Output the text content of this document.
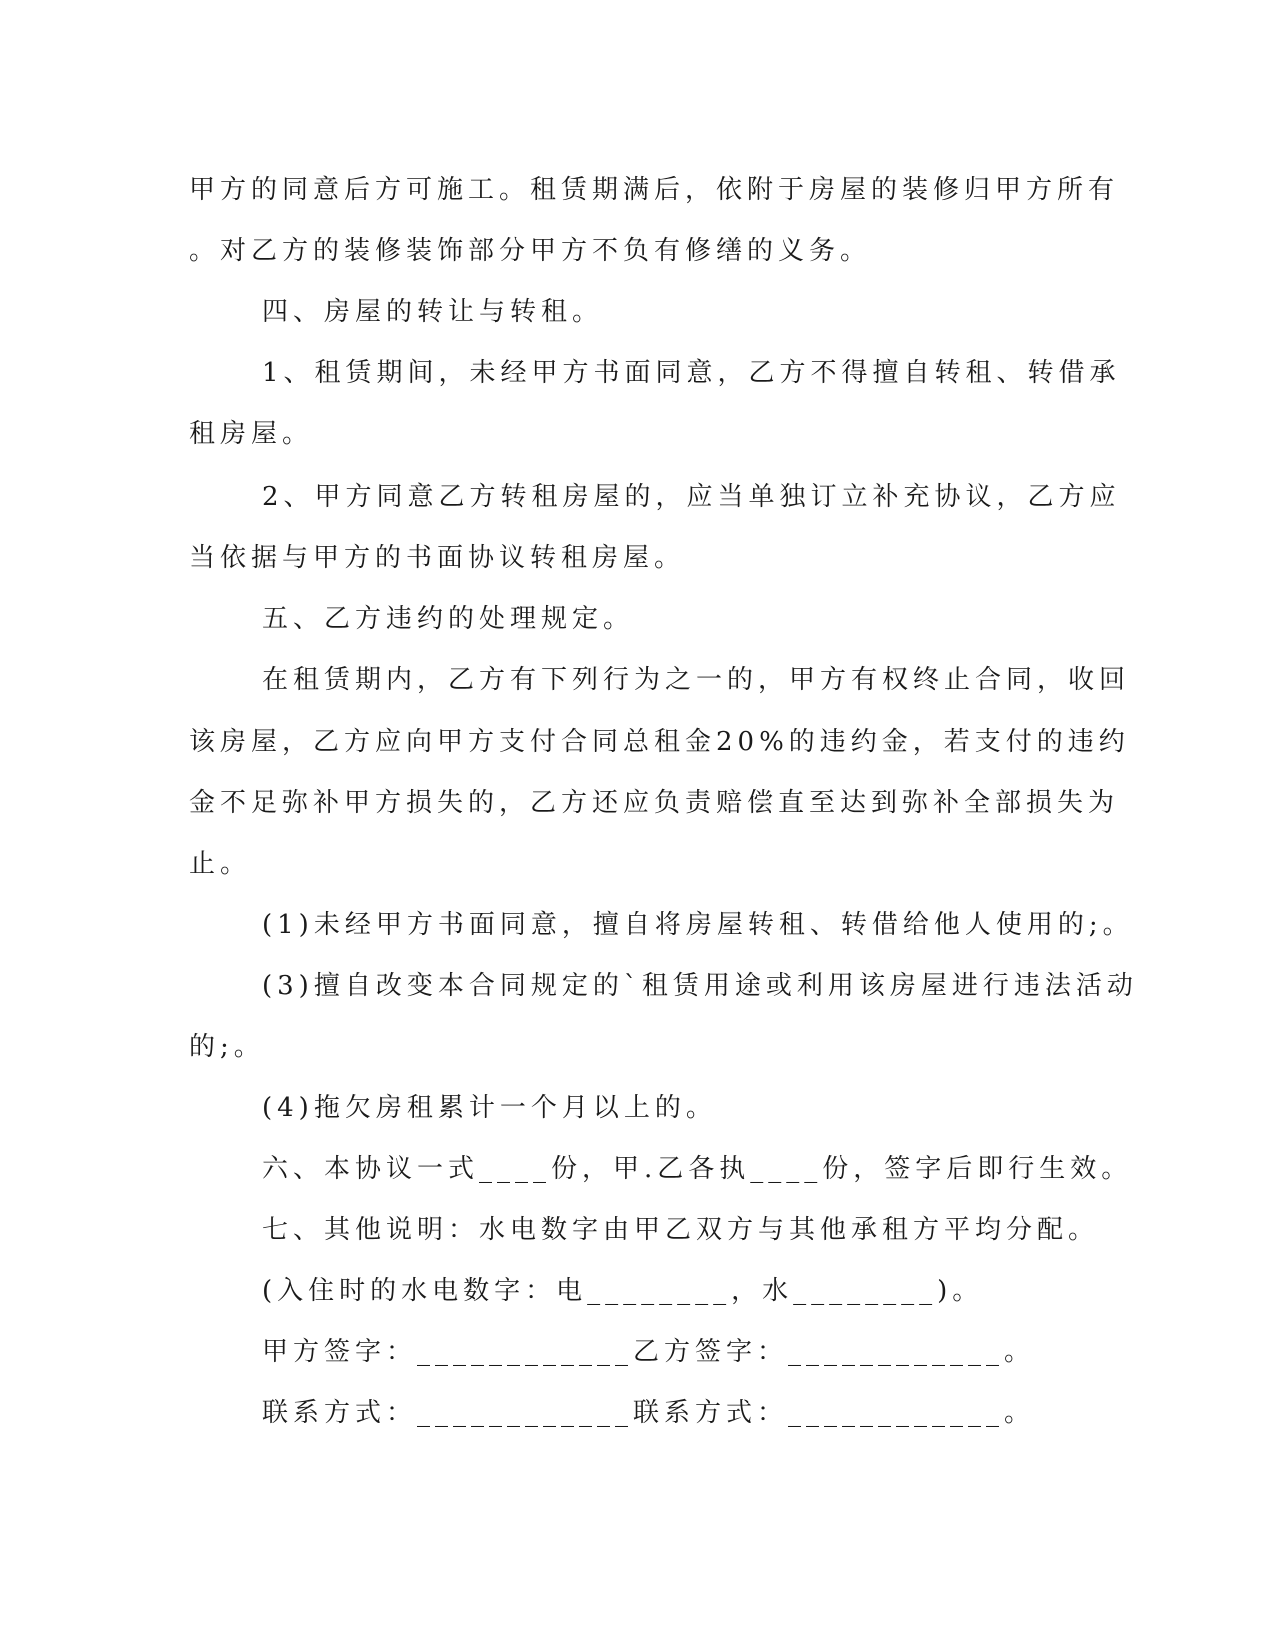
甲方的同意后方可施工。租赁期满后，依附于房屋的装修归甲方所有
。对乙方的装修装饰部分甲方不负有修缮的义务。
四、房屋的转让与转租。
1、租赁期间，未经甲方书面同意，乙方不得擅自转租、转借承
租房屋。
2、甲方同意乙方转租房屋的，应当单独订立补充协议，乙方应
当依据与甲方的书面协议转租房屋。
五、乙方违约的处理规定。
在租赁期内，乙方有下列行为之一的，甲方有权终止合同，收回
该房屋，乙方应向甲方支付合同总租金20%的违约金，若支付的违约
金不足弥补甲方损失的，乙方还应负责赔偿直至达到弥补全部损失为
止。
(1)未经甲方书面同意，擅自将房屋转租、转借给他人使用的;。
(3)擅自改变本合同规定的`租赁用途或利用该房屋进行违法活动
的;。
(4)拖欠房租累计一个月以上的。
六、本协议一式____份，甲.乙各执____份，签字后即行生效。
七、其他说明：水电数字由甲乙双方与其他承租方平均分配。
(入住时的水电数字：电________，水________)。
甲方签字：____________乙方签字：____________。
联系方式：____________联系方式：____________。
